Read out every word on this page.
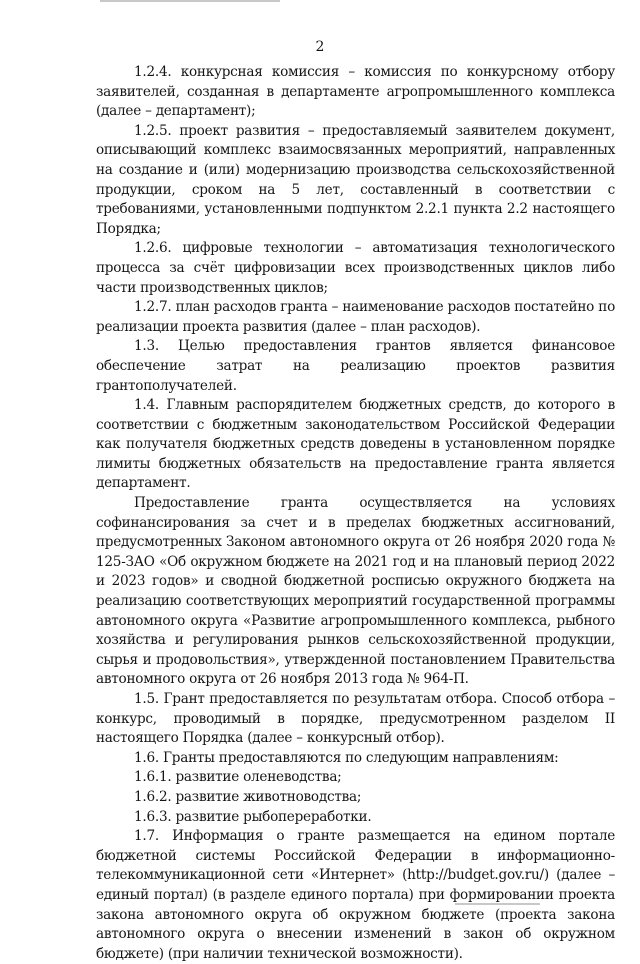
2

1.2.4. конкурсная комиссия – комиссия по конкурсному отбору заявителей, созданная в департаменте агропромышленного комплекса (далее – департамент);

1.2.5. проект развития – предоставляемый заявителем документ, описывающий комплекс взаимосвязанных мероприятий, направленных на создание и (или) модернизацию производства сельскохозяйственной продукции, сроком на 5 лет, составленный в соответствии с требованиями, установленными подпунктом 2.2.1 пункта 2.2 настоящего Порядка;

1.2.6. цифровые технологии – автоматизация технологического процесса за счёт цифровизации всех производственных циклов либо части производственных циклов;

1.2.7. план расходов гранта – наименование расходов постатейно по реализации проекта развития (далее – план расходов).

1.3. Целью предоставления грантов является финансовое обеспечение затрат на реализацию проектов развития грантополучателей.

1.4. Главным распорядителем бюджетных средств, до которого в соответствии с бюджетным законодательством Российской Федерации как получателя бюджетных средств доведены в установленном порядке лимиты бюджетных обязательств на предоставление гранта является департамент.

Предоставление гранта осуществляется на условиях софинансирования за счет и в пределах бюджетных ассигнований, предусмотренных Законом автономного округа от 26 ноября 2020 года № 125-ЗАО «Об окружном бюджете на 2021 год и на плановый период 2022 и 2023 годов» и сводной бюджетной росписью окружного бюджета на реализацию соответствующих мероприятий государственной программы автономного округа «Развитие агропромышленного комплекса, рыбного хозяйства и регулирования рынков сельскохозяйственной продукции, сырья и продовольствия», утвержденной постановлением Правительства автономного округа от 26 ноября 2013 года № 964-П.

1.5. Грант предоставляется по результатам отбора. Способ отбора – конкурс, проводимый в порядке, предусмотренном разделом II настоящего Порядка (далее – конкурсный отбор).

1.6. Гранты предоставляются по следующим направлениям:

1.6.1. развитие оленеводства;

1.6.2. развитие животноводства;

1.6.3. развитие рыбопереработки.

1.7. Информация о гранте размещается на едином портале бюджетной системы Российской Федерации в информационно-телекоммуникационной сети «Интернет» (http://budget.gov.ru/) (далее – единый портал) (в разделе единого портала) при формировании проекта закона автономного округа об окружном бюджете (проекта закона автономного округа о внесении изменений в закон об окружном бюджете) (при наличии технической возможности).
